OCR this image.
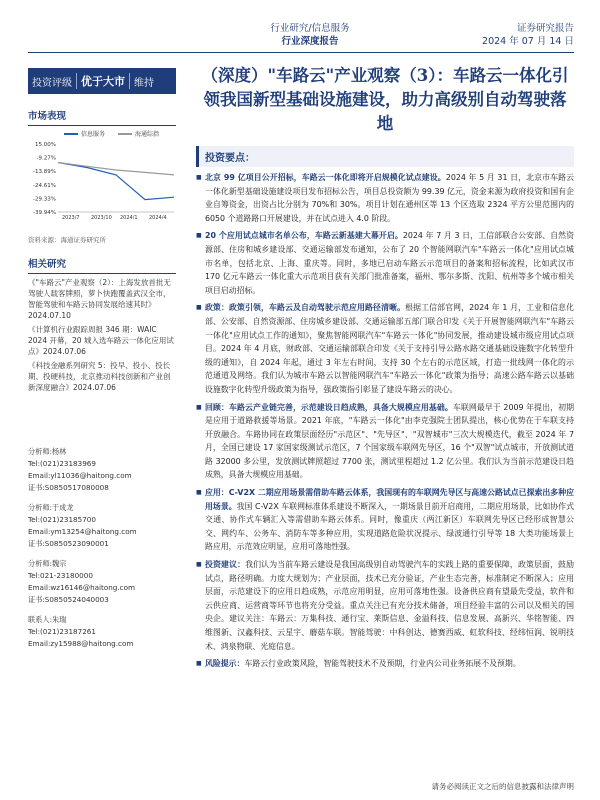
行业研究/信息服务
行业深度报告
证券研究报告
2024 年 07 月 14 日
投资评级 优于大市 维持
市场表现
信息服务	海通综指
15.00%
-9.27%
-13.89%
-24.61%
-29.33%
-39.94%
2023/7 2023/10 2024/1 2024/4
资料来源：海通证券研究所
相关研究
《"车路云"产业观察（2）：上海发放首批无驾驶人载客牌照，萝卜快跑覆盖武汉全市，智能驾驶和车路云协同发展给速其时》2024.07.10
《计算机行业跟踪周报 346 期：WAIC 2024 开幕，20 城入选车路云一体化应用试点》2024.07.06
《科技金融系列研究 5：投早、投小、投长期、投硬科技，北京推动科技创新和产业创新深度融合》2024.07.06
分析师:杨林
Tel:(021)23183969
Email:yl11036@haitong.com
证书:S0850517080008
分析师:于成龙
Tel:(021)23185700
Email:ym13254@haitong.com
证书:S0850523090001
分析师:魏宗
Tel:021-23180000
Email:wz16146@haitong.com
证书:S0850524040003
联系人:朱瑞
Tel:(021)23187261
Email:zy15988@haitong.com
（深度）"车路云"产业观察（3）：车路云一体化引领我国新型基础设施建设，助力高级别自动驾驶落地
投资要点：
■ 北京 99 亿项目公开招标，车路云一体化即将开启规模化试点建设。2024 年 5 月 31 日，北京市车路云一体化新型基础设施建设项目发布招标公告，项目总投资额为 99.39 亿元，资金来源为政府投资和国有企业自筹资金，出资占比分别为 70%和 30%。项目计划在通州区等 13 个区选取 2324 平方公里范围内的 6050 个道路路口开展建设，并在试点进入 4.0 阶段。
■ 20 个应用试点城市名单公布，车路云新基建大幕开启。2024 年 7 月 3 日，工信部联合公安部、自然资源部、住房和城乡建设部、交通运输部发布通知，公布了 20 个智能网联汽车"车路云一体化"应用试点城市名单，包括北京、上海、重庆等。同时，多地已启动车路云示范项目的备案和招标流程，比如武汉市 170 亿元车路云一体化重大示范项目获有关部门批准备案，福州、鄂尔多斯、沈阳、杭州等多个城市相关项目启动招标。
■ 政策：政策引领，车路云及自动驾驶示范应用路径清晰。根据工信部官网，2024 年 1 月，工业和信息化部、公安部、自然资源部、住房城乡建设部、交通运输部五部门联合印发《关于开展智能网联汽车"车路云一体化"应用试点工作的通知》，聚焦智能网联汽车"车路云一体化"协同发展，推动建设城市级应用试点项目。2024 年 4 月底，财政部、交通运输部联合印发《关于支持引导公路水路交通基础设施数字化转型升级的通知》，自 2024 年起，通过 3 年左右时间，支持 30 个左右的示范区域，打造一批线网一体化的示范通道及网络。我们认为城市车路云以智能网联汽车"车路云一体化"政策为指导；高速公路车路云以基础设施数字化转型升级政策为指导，强政策指引彰显了建设车路云的决心。
■ 回顾：车路云产业链完善，示范建设日趋成熟，具备大规模应用基础。车联网最早于 2009 年提出，初期是应用于道路救援等场景。2021 年底，"车路云一体化"由李克强院士团队提出，核心优势在于车联支持开放融合。车路协同在政策层面经历"示范区"、"先导区"、"双智城市"三次大规模迭代，截至 2024 年 7 月，全国已建设 17 家国家级测试示范区，7 个国家级车联网先导区，16 个"双智"试点城市，开放测试道路 32000 多公里，发放测试牌照超过 7700 张，测试里程超过 1.2 亿公里。我们认为当前示范建设日趋成熟，具备大规模应用基础。
■ 应用：C-V2X 二期应用场景需借助车路云体系，我国现有的车联网先导区与高速公路试点已探索出多种应用场景。我国 C-V2X 车联网标准体系建设不断深入，一期场景目前开启商用，二期应用场景，比如协作式交通、协作式车辆汇入等需借助车路云体系。同时，像重庆（两江新区）车联网先导区已经形成智慧公交、网约车、公务车、消防车等多种应用，实现道路危险状况提示、绿波通行引导等 18 大类功能场景上路应用，示范效应明显，应用可落地性强。
■ 投资建议：我们认为当前车路云建设是我国高级别自动驾驶汽车的实践上路的重要保障，政策层面，鼓励试点，路径明确。力度大规划为；产业层面，技术已充分验证，产业生态完善，标准制定不断深入；应用层面，示范建设下的应用日趋成熟，示范应用明显，应用可落地性强。设备供应商有望最先受益，软件和云供应商、运营商等环节也将充分受益。重点关注已有充分技术储备，项目经验丰富的公司以及相关的国央企。建议关注：车路云：万集科技、通行宝、莱斯信息、金溢科技、信息发展、高新兴、华铭智能、四维图新、汉鑫科技、云星宇、蘑菇车联。智能驾驶：中科创达、德赛西威、虹软科技、经纬恒润、锐明技术、鸿泉物联、光庭信息。
■ 风险提示：车路云行业政策风险，智能驾驶技术不及预期，行业内公司业务拓展不及预期。
请务必阅读正文之后的信息披露和法律声明
